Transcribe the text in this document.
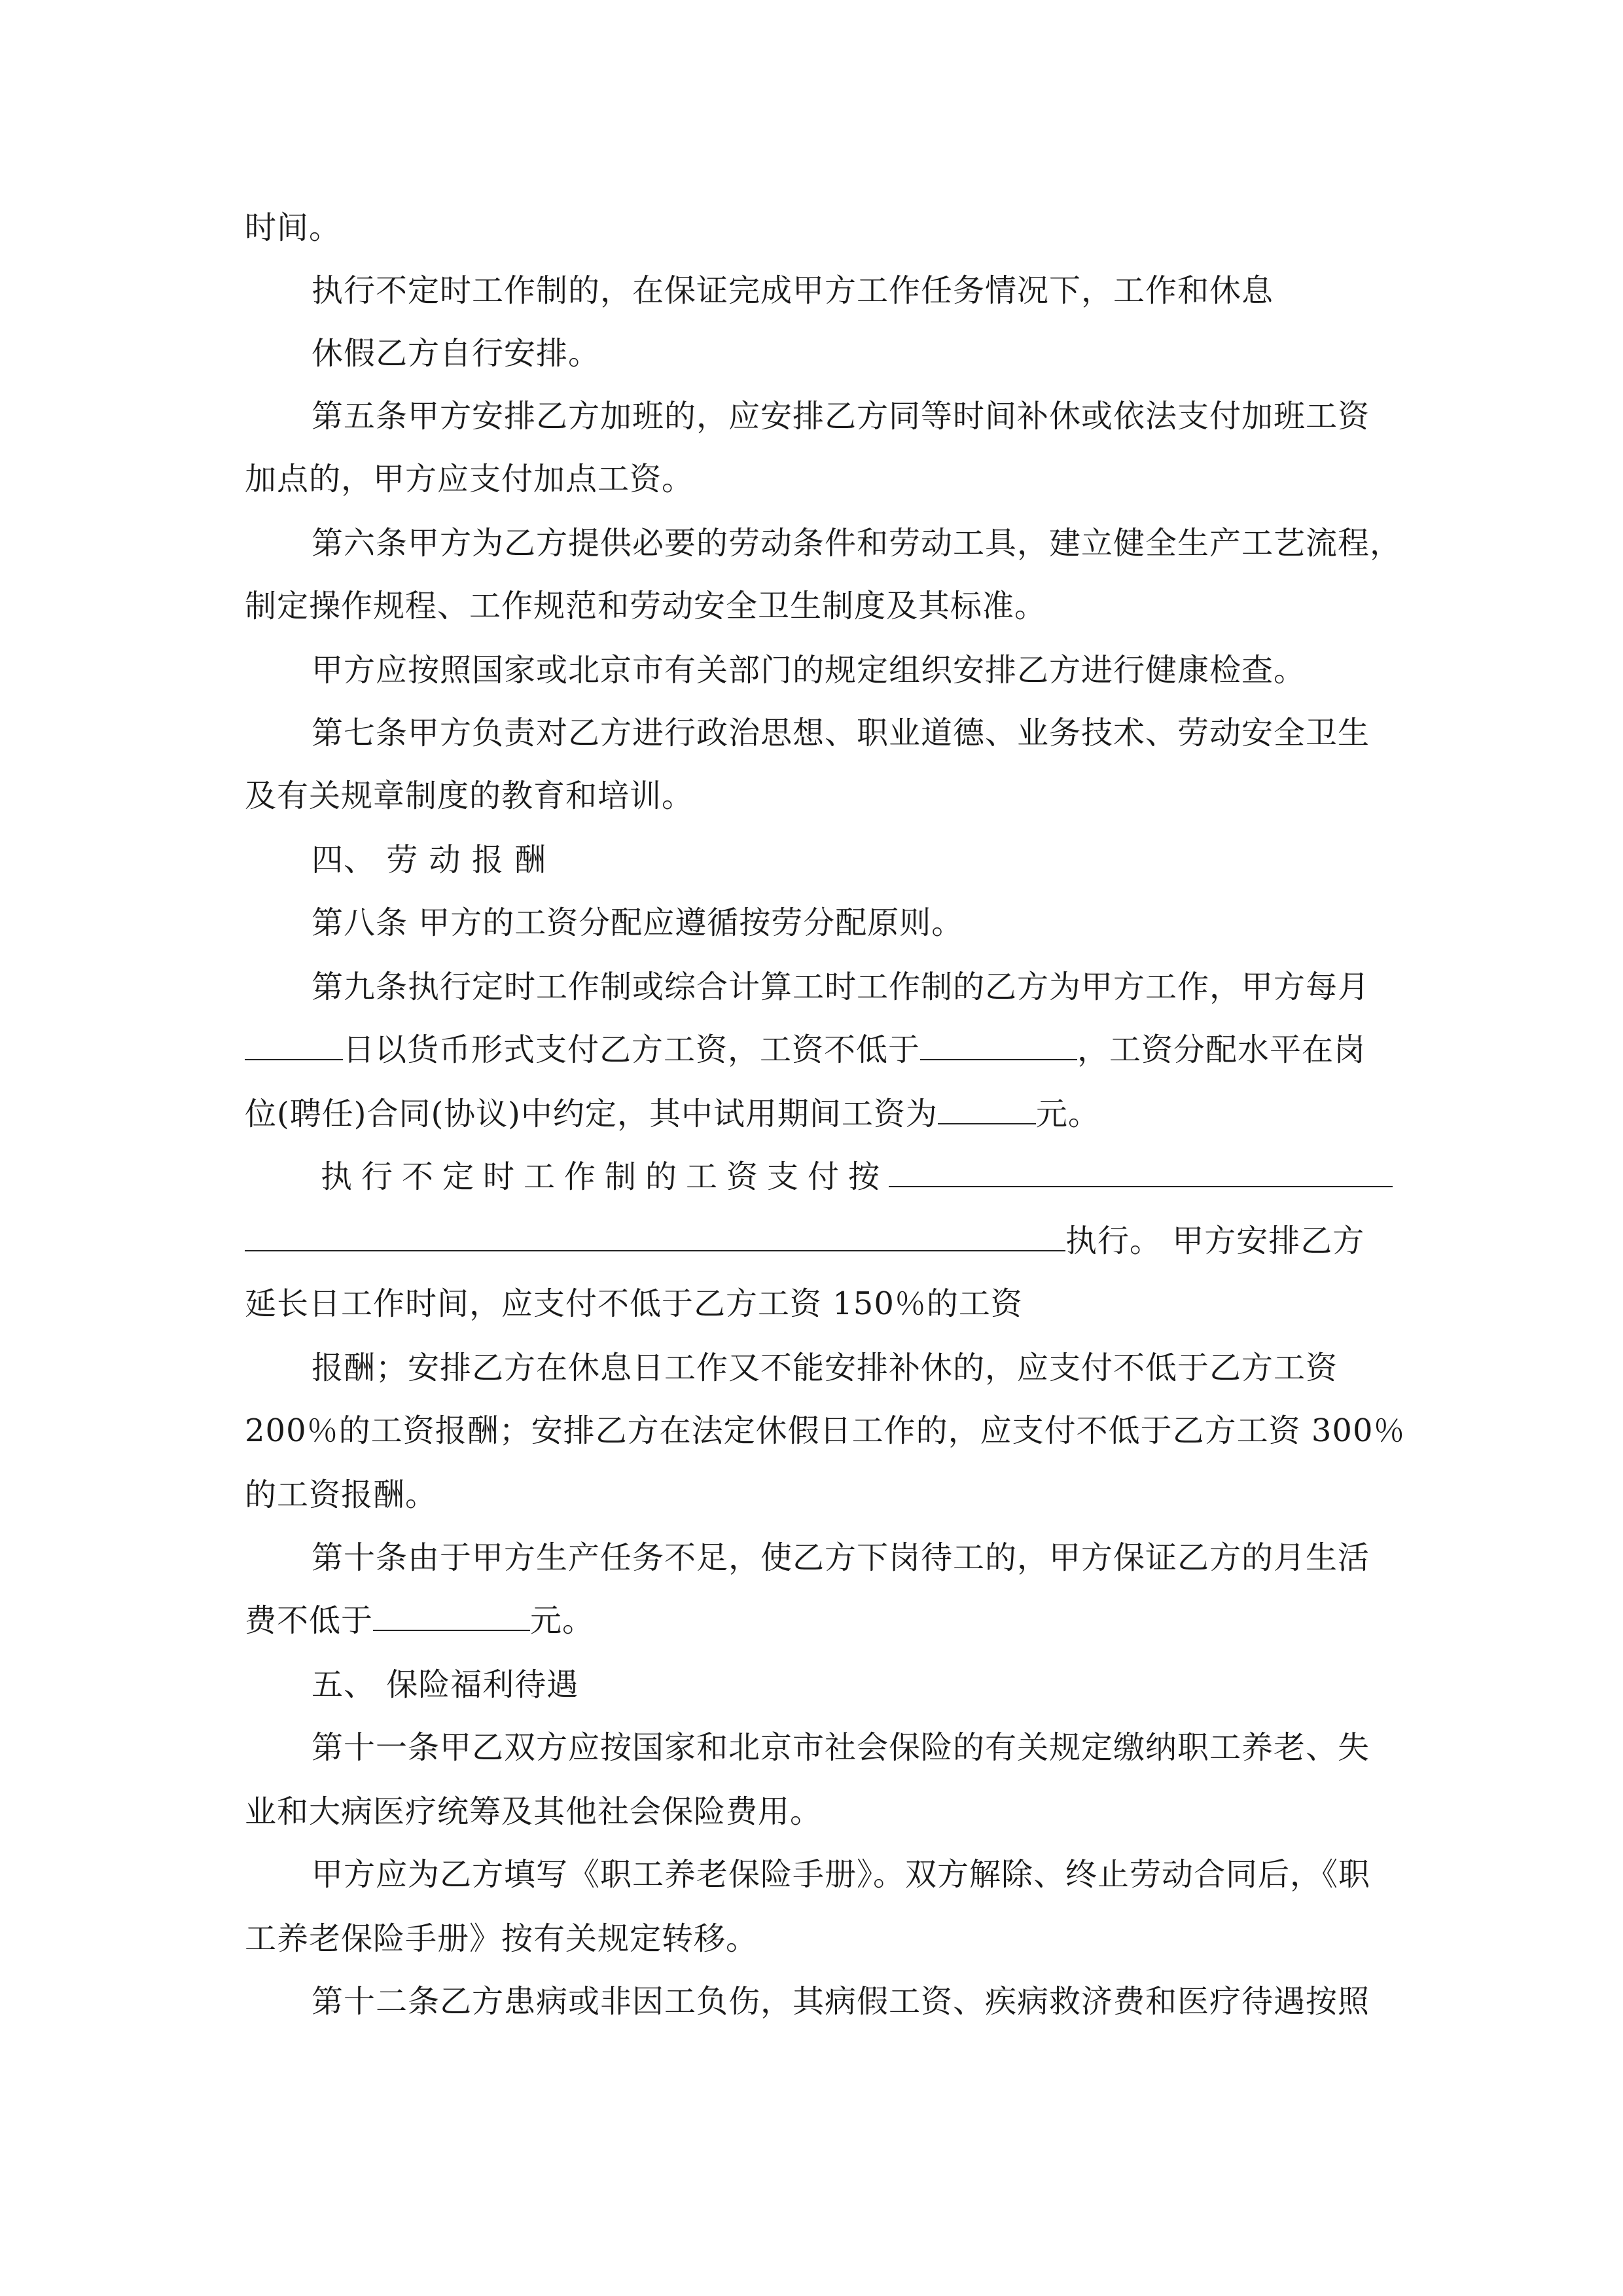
时间。
执行不定时工作制的，在保证完成甲方工作任务情况下，工作和休息
休假乙方自行安排。
第五条甲方安排乙方加班的，应安排乙方同等时间补休或依法支付加班工资
加点的，甲方应支付加点工资。
第六条甲方为乙方提供必要的劳动条件和劳动工具，建立健全生产工艺流程，
制定操作规程、工作规范和劳动安全卫生制度及其标准。
甲方应按照国家或北京市有关部门的规定组织安排乙方进行健康检查。
第七条甲方负责对乙方进行政治思想、职业道德、业务技术、劳动安全卫生
及有关规章制度的教育和培训。
四、 劳 动 报 酬
第八条 甲方的工资分配应遵循按劳分配原则。
第九条执行定时工作制或综合计算工时工作制的乙方为甲方工作，甲方每月
日以货币形式支付乙方工资，工资不低于	，工资分配水平在岗
位(聘任)合同(协议)中约定，其中试用期间工资为	元。
执行不定时工作制的工资支付按
执行。 甲方安排乙方
延长日工作时间，应支付不低于乙方工资 150％的工资
报酬；安排乙方在休息日工作又不能安排补休的，应支付不低于乙方工资
200％的工资报酬；安排乙方在法定休假日工作的，应支付不低于乙方工资 300％
的工资报酬。
第十条由于甲方生产任务不足，使乙方下岗待工的，甲方保证乙方的月生活
费不低于	元。
五、 保险福利待遇
第十一条甲乙双方应按国家和北京市社会保险的有关规定缴纳职工养老、失
业和大病医疗统筹及其他社会保险费用。
甲方应为乙方填写《职工养老保险手册》。双方解除、终止劳动合同后，《职
工养老保险手册》按有关规定转移。
第十二条乙方患病或非因工负伤，其病假工资、疾病救济费和医疗待遇按照
